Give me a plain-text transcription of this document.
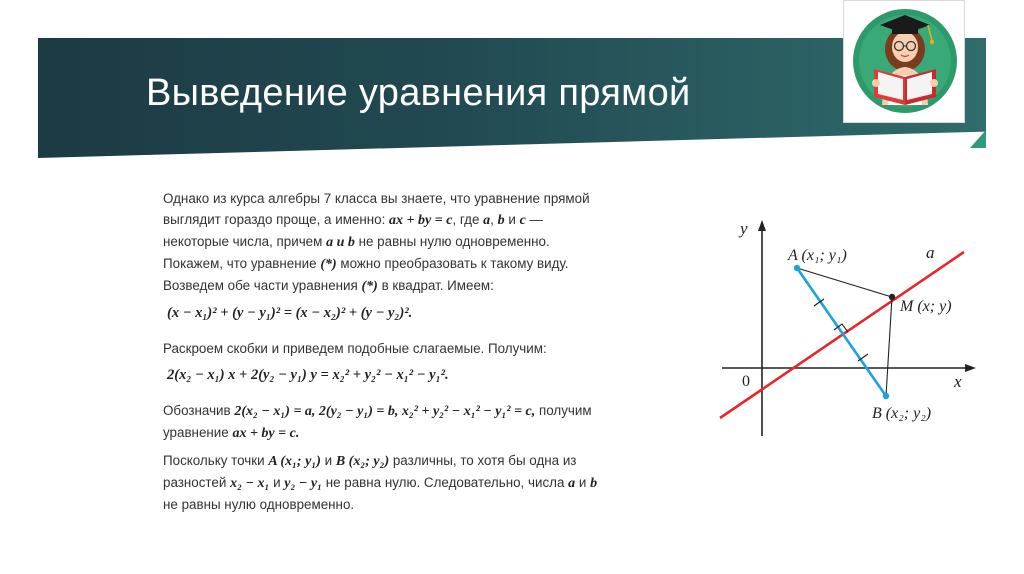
Выведение уравнения прямой

Однако из курса алгебры 7 класса вы знаете, что уравнение прямой
выглядит гораздо проще, а именно: ax + by = c, где a, b и c —
некоторые числа, причем a и b не равны нулю одновременно.
Покажем, что уравнение (*) можно преобразовать к такому виду.
Возведем обе части уравнения (*) в квадрат. Имеем:

(x − x₁)² + (y − y₁)² = (x − x₂)² + (y − y₂)².

Раскроем скобки и приведем подобные слагаемые. Получим:

2(x₂ − x₁) x + 2(y₂ − y₁) y = x₂² + y₂² − x₁² − y₁².

Обозначив 2(x₂ − x₁) = a, 2(y₂ − y₁) = b, x₂² + y₂² − x₁² − y₁² = c, получим
уравнение ax + by = c.

Поскольку точки A (x₁; y₁) и B (x₂; y₂) различны, то хотя бы одна из
разностей x₂ − x₁ и y₂ − y₁ не равна нулю. Следовательно, числа a и b
не равны нулю одновременно.

y
x
0
A (x₁; y₁)
M (x; y)
B (x₂; y₂)
a
